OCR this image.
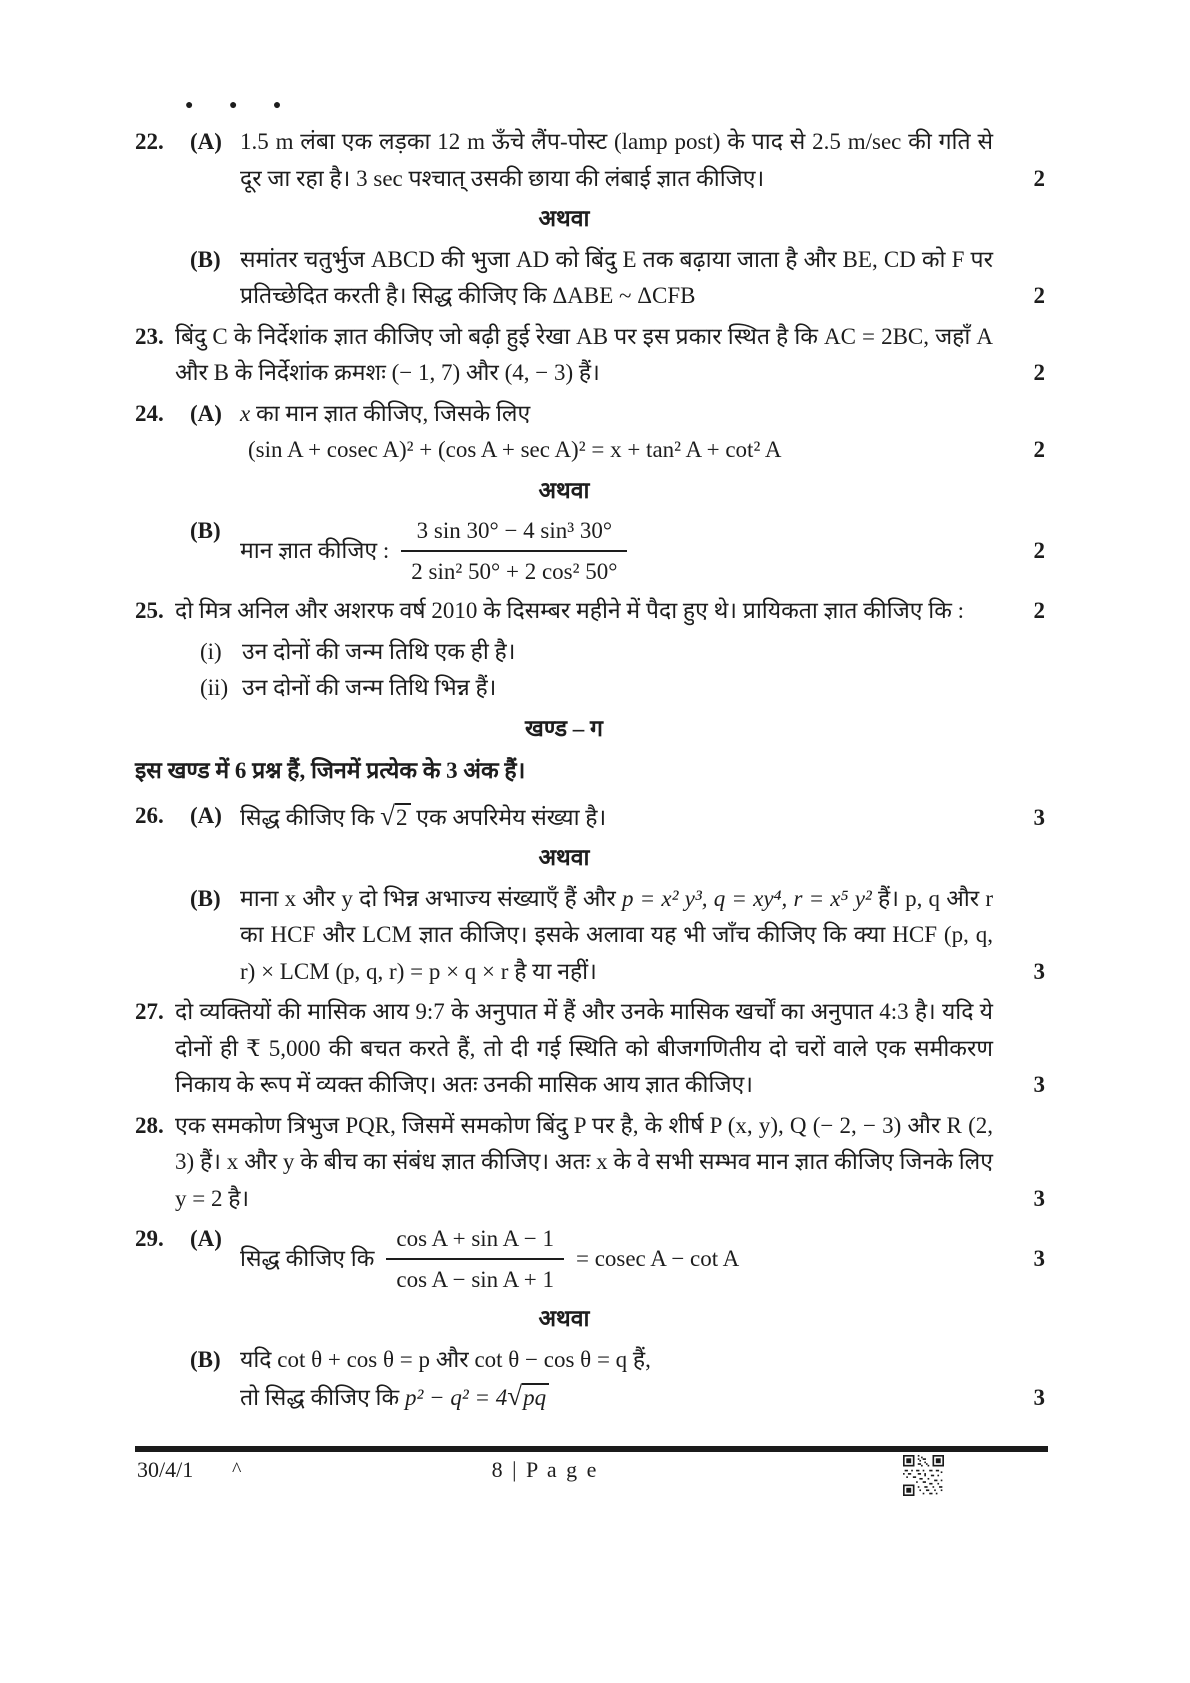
● ● ●
22.	(A) 1.5 m लंबा एक लड़का 12 m ऊँचे लैंप-पोस्ट (lamp post) के पाद से 2.5 m/sec की गति से दूर जा रहा है। 3 sec पश्चात् उसकी छाया की लंबाई ज्ञात कीजिए।	2
अथवा
(B) समांतर चतुर्भुज ABCD की भुजा AD को बिंदु E तक बढ़ाया जाता है और BE, CD को F पर प्रतिच्छेदित करती है। सिद्ध कीजिए कि ΔABE ~ ΔCFB	2
23. बिंदु C के निर्देशांक ज्ञात कीजिए जो बढ़ी हुई रेखा AB पर इस प्रकार स्थित है कि AC = 2BC, जहाँ A और B के निर्देशांक क्रमशः (− 1, 7) और (4, − 3) हैं।	2
24.	(A) x का मान ज्ञात कीजिए, जिसके लिए

(sin A + cosec A)² + (cos A + sec A)² = x + tan² A + cot² A	2
अथवा
(B)
मान ज्ञात कीजिए : $\frac{\text{3 sin 30° − 4 sin³ 30°}}{\text{2 sin² 50° + 2 cos² 50°}}$	2
25. दो मित्र अनिल और अशरफ वर्ष 2010 के दिसम्बर महीने में पैदा हुए थे। प्रायिकता ज्ञात कीजिए कि :	2
(i) उन दोनों की जन्म तिथि एक ही है।

(ii) उन दोनों की जन्म तिथि भिन्न हैं।

खण्ड – ग
इस खण्ड में 6 प्रश्न हैं, जिनमें प्रत्येक के 3 अंक हैं।
26.	(A) सिद्ध कीजिए कि √2 एक अपरिमेय संख्या है।	3
अथवा
(B) माना x और y दो भिन्न अभाज्य संख्याएँ हैं और p = x² y³, q = xy⁴, r = x⁵ y² हैं। p, q और r का HCF और LCM ज्ञात कीजिए। इसके अलावा यह भी जाँच कीजिए कि क्या HCF (p, q, r) × LCM (p, q, r) = p × q × r है या नहीं।	3
27. दो व्यक्तियों की मासिक आय 9:7 के अनुपात में हैं और उनके मासिक खर्चों का अनुपात 4:3 है। यदि ये दोनों ही ₹ 5,000 की बचत करते हैं, तो दी गई स्थिति को बीजगणितीय दो चरों वाले एक समीकरण निकाय के रूप में व्यक्त कीजिए। अतः उनकी मासिक आय ज्ञात कीजिए।	3
28. एक समकोण त्रिभुज PQR, जिसमें समकोण बिंदु P पर है, के शीर्ष P (x, y), Q (− 2, − 3) और R (2, 3) हैं। x और y के बीच का संबंध ज्ञात कीजिए। अतः x के वे सभी सम्भव मान ज्ञात कीजिए जिनके लिए y = 2 है।	3
29.	(A)
सिद्ध कीजिए कि $\frac{\text{cos A + sin A − 1}}{\text{cos A − sin A + 1}} = cosec$ A − cot A	3
अथवा
(B) यदि cot θ + cos θ = p और cot θ − cos θ = q हैं,

तो सिद्ध कीजिए कि p² − q² = 4√pq	3
30/4/1 ^	8 | P a g e
